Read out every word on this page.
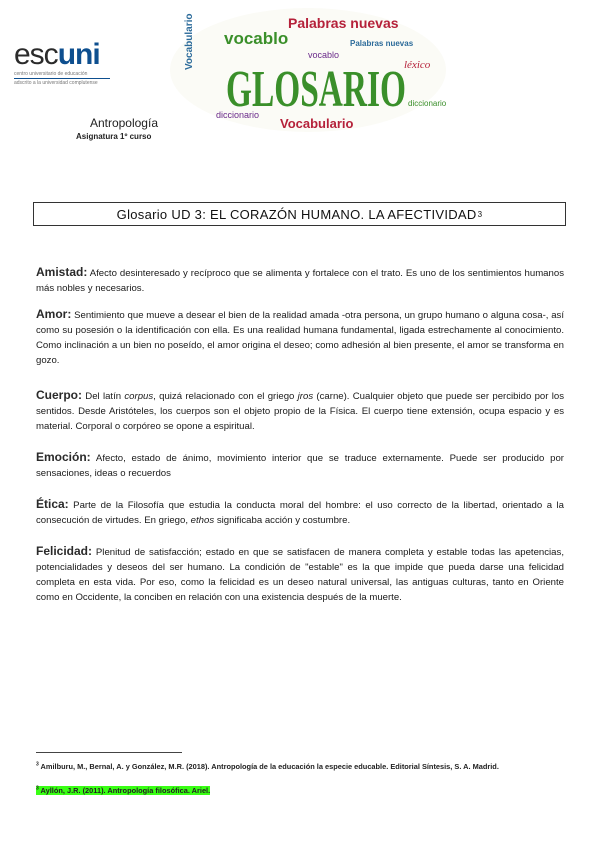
escuni
centro universitario de educación
adscrito a la universidad complutense
Palabras nuevas
vocablo
Vocabulario
GLOSARIO
diccionario
léxico
Vocabulario
vocablo
Palabras nuevas
diccionario
Antropología
Asignatura 1º curso
Glosario UD 3: EL CORAZÓN HUMANO. LA AFECTIVIDAD 3
Amistad: Afecto desinteresado y recíproco que se alimenta y fortalece con el trato. Es uno de los sentimientos humanos más nobles y necesarios.
Amor: Sentimiento que mueve a desear el bien de la realidad amada -otra persona, un grupo humano o alguna cosa-, así como su posesión o la identificación con ella. Es una realidad humana fundamental, ligada estrechamente al conocimiento. Como inclinación a un bien no poseído, el amor origina el deseo; como adhesión al bien presente, el amor se transforma en gozo.
Cuerpo: Del latín corpus, quizá relacionado con el griego jros (carne). Cualquier objeto que puede ser percibido por los sentidos. Desde Aristóteles, los cuerpos son el objeto propio de la Física. El cuerpo tiene extensión, ocupa espacio y es material. Corporal o corpóreo se opone a espiritual.
Emoción: Afecto, estado de ánimo, movimiento interior que se traduce externamente. Puede ser producido por sensaciones, ideas o recuerdos
Ética: Parte de la Filosofía que estudia la conducta moral del hombre: el uso correcto de la libertad, orientado a la consecución de virtudes. En griego, ethos significaba acción y costumbre.
Felicidad: Plenitud de satisfacción; estado en que se satisfacen de manera completa y estable todas las apetencias, potencialidades y deseos del ser humano. La condición de "estable" es la que impide que pueda darse una felicidad completa en esta vida. Por eso, como la felicidad es un deseo natural universal, las antiguas culturas, tanto en Oriente como en Occidente, la conciben en relación con una existencia después de la muerte.
$^3$ Amilburu, M., Bernal, A. y González, M.R. (2018). Antropología de la educación la especie educable. Editorial Síntesis, S. A. Madrid.
$^3$ Ayllón, J.R. (2011). Antropología filosófica. Ariel.
